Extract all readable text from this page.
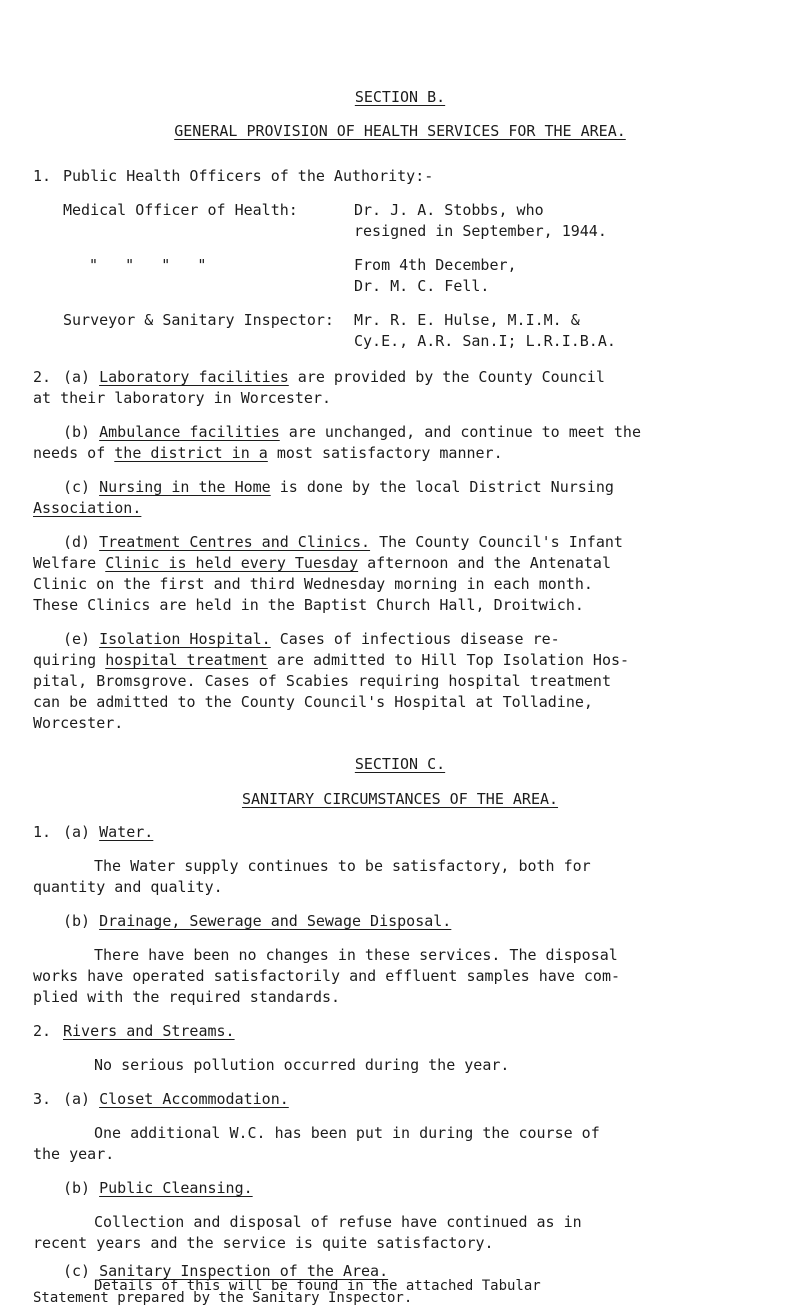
SECTION B.
GENERAL PROVISION OF HEALTH SERVICES FOR THE AREA.
1. Public Health Officers of the Authority:-
Medical Officer of Health:	Dr. J. A. Stobbs, who
resigned in September, 1944.
"   "   "   "	From 4th December,
Dr. M. C. Fell.
Surveyor & Sanitary Inspector: Mr. R. E. Hulse, M.I.M. &
Cy.E., A.R. San.I; L.R.I.B.A.
2. (a) Laboratory facilities are provided by the County Council
at their laboratory in Worcester.
(b) Ambulance facilities are unchanged, and continue to meet the
needs of the district in a most satisfactory manner.
(c) Nursing in the Home is done by the local District Nursing
Association.
(d) Treatment Centres and Clinics. The County Council's Infant
Welfare Clinic is held every Tuesday afternoon and the Antenatal
Clinic on the first and third Wednesday morning in each month.
These Clinics are held in the Baptist Church Hall, Droitwich.
(e) Isolation Hospital. Cases of infectious disease re-
quiring hospital treatment are admitted to Hill Top Isolation Hos-
pital, Bromsgrove. Cases of Scabies requiring hospital treatment
can be admitted to the County Council's Hospital at Tolladine,
Worcester.
SECTION C.
SANITARY CIRCUMSTANCES OF THE AREA.
1. (a) Water.
The Water supply continues to be satisfactory, both for
quantity and quality.
(b) Drainage, Sewerage and Sewage Disposal.
There have been no changes in these services. The disposal
works have operated satisfactorily and effluent samples have com-
plied with the required standards.
2. Rivers and Streams.
No serious pollution occurred during the year.
3. (a) Closet Accommodation.
One additional W.C. has been put in during the course of
the year.
(b) Public Cleansing.
Collection and disposal of refuse have continued as in
recent years and the service is quite satisfactory.
(c) Sanitary Inspection of the Area.
Details of this will be found in the attached Tabular
Statement prepared by the Sanitary Inspector.
